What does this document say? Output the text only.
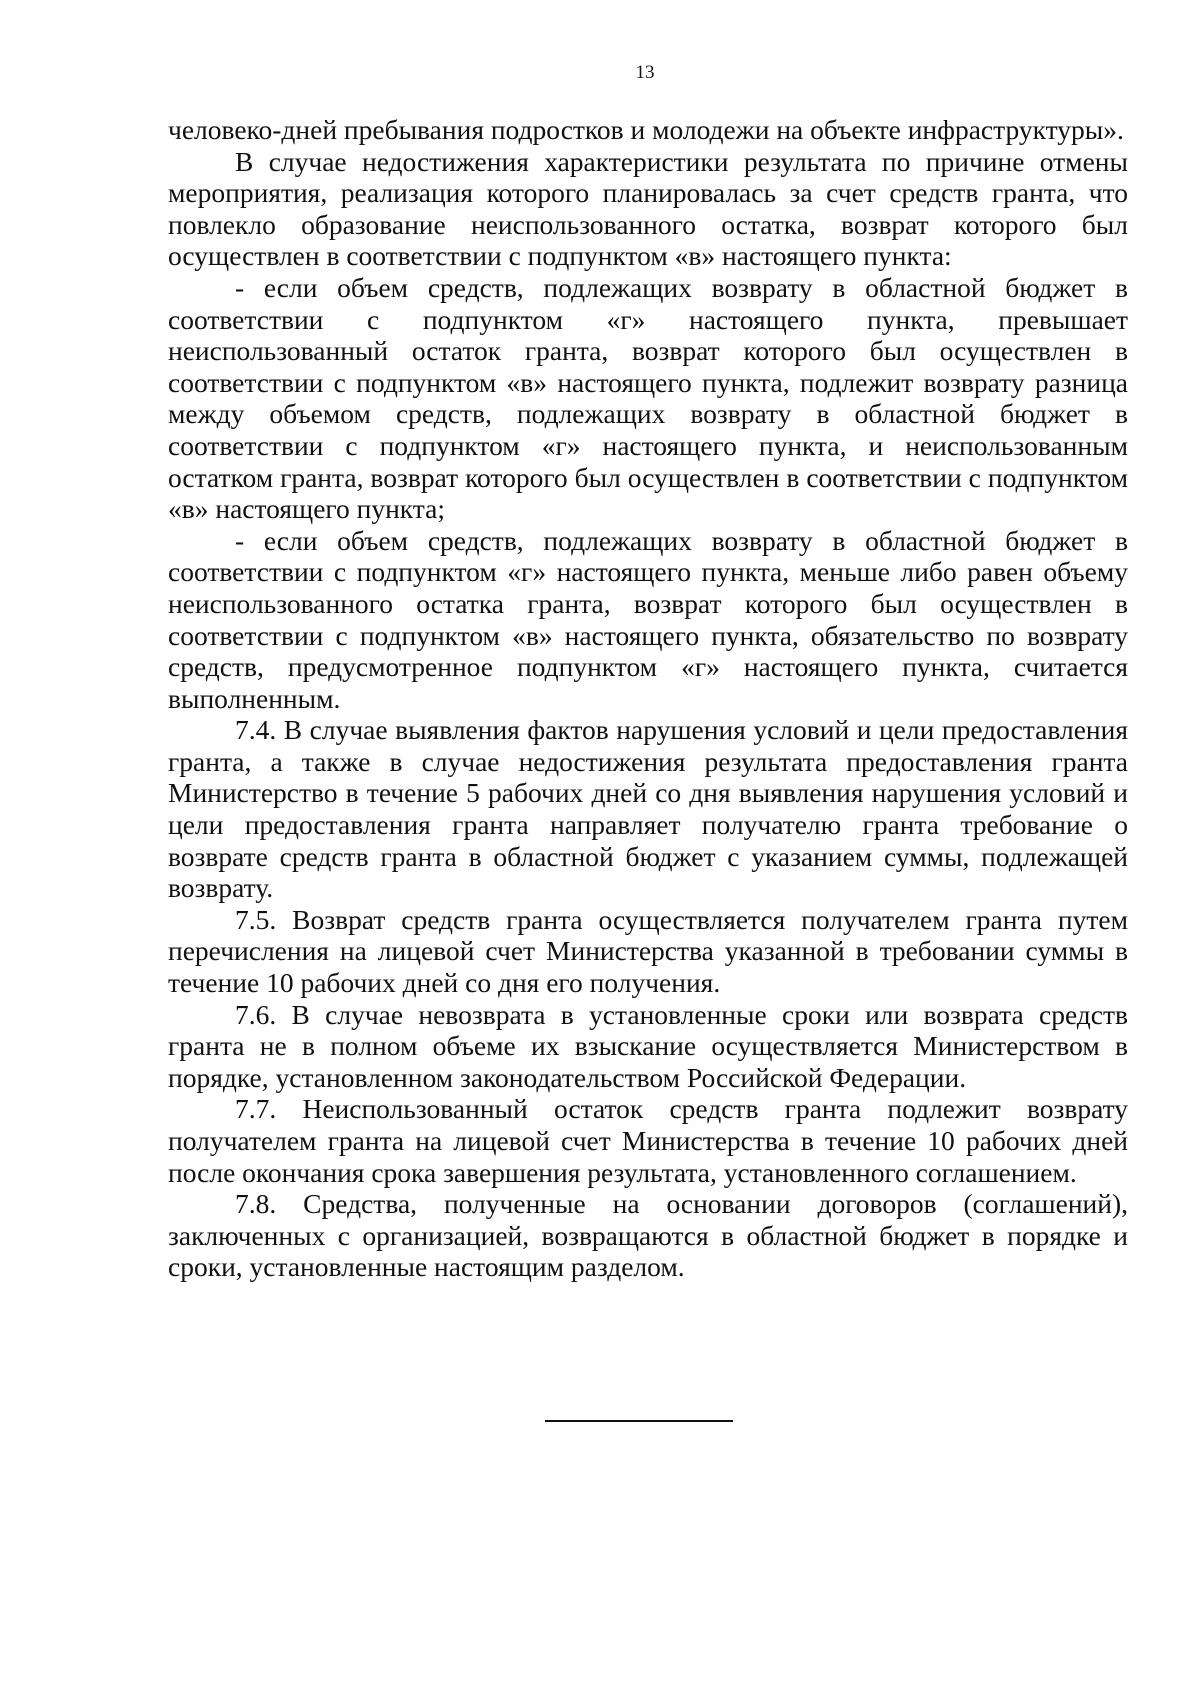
13

человеко-дней пребывания подростков и молодежи на объекте инфраструктуры».

В случае недостижения характеристики результата по причине отмены мероприятия, реализация которого планировалась за счет средств гранта, что повлекло образование неиспользованного остатка, возврат которого был осуществлен в соответствии с подпунктом «в» настоящего пункта:

- если объем средств, подлежащих возврату в областной бюджет в соответствии с подпунктом «г» настоящего пункта, превышает неиспользованный остаток гранта, возврат которого был осуществлен в соответствии с подпунктом «в» настоящего пункта, подлежит возврату разница между объемом средств, подлежащих возврату в областной бюджет в соответствии с подпунктом «г» настоящего пункта, и неиспользованным остатком гранта, возврат которого был осуществлен в соответствии с подпунктом «в» настоящего пункта;

- если объем средств, подлежащих возврату в областной бюджет в соответствии с подпунктом «г» настоящего пункта, меньше либо равен объему неиспользованного остатка гранта, возврат которого был осуществлен в соответствии с подпунктом «в» настоящего пункта, обязательство по возврату средств, предусмотренное подпунктом «г» настоящего пункта, считается выполненным.

7.4. В случае выявления фактов нарушения условий и цели предоставления гранта, а также в случае недостижения результата предоставления гранта Министерство в течение 5 рабочих дней со дня выявления нарушения условий и цели предоставления гранта направляет получателю гранта требование о возврате средств гранта в областной бюджет с указанием суммы, подлежащей возврату.

7.5. Возврат средств гранта осуществляется получателем гранта путем перечисления на лицевой счет Министерства указанной в требовании суммы в течение 10 рабочих дней со дня его получения.

7.6. В случае невозврата в установленные сроки или возврата средств гранта не в полном объеме их взыскание осуществляется Министерством в порядке, установленном законодательством Российской Федерации.

7.7. Неиспользованный остаток средств гранта подлежит возврату получателем гранта на лицевой счет Министерства в течение 10 рабочих дней после окончания срока завершения результата, установленного соглашением.

7.8. Средства, полученные на основании договоров (соглашений), заключенных с организацией, возвращаются в областной бюджет в порядке и сроки, установленные настоящим разделом.
